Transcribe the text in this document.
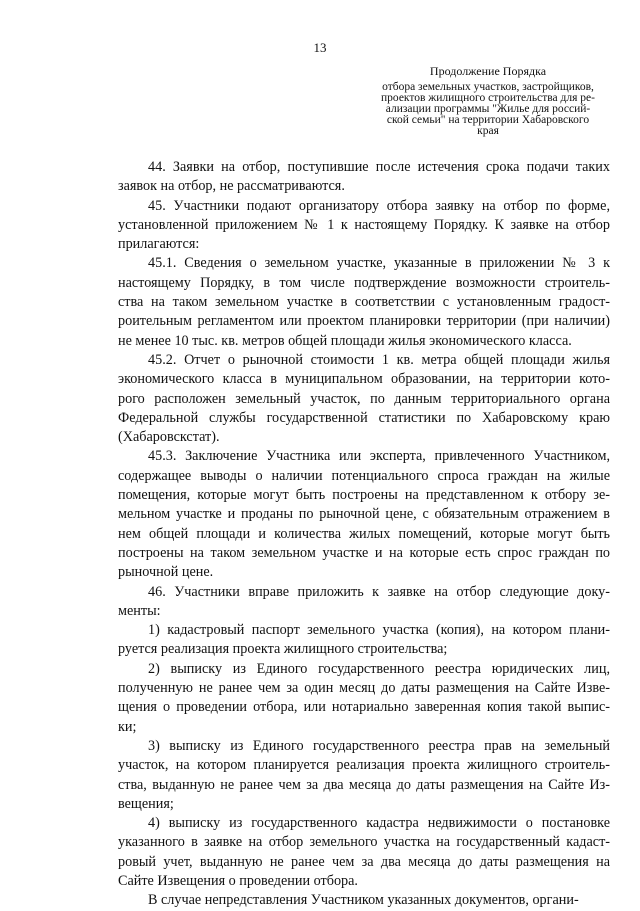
13
Продолжение Порядка
отбора земельных участков, застройщиков,
проектов жилищного строительства для ре-
ализации программы "Жилье для россий-
ской семьи" на территории Хабаровского
края

44. Заявки на отбор, поступившие после истечения срока подачи таких
заявок на отбор, не рассматриваются.

45. Участники подают организатору отбора заявку на отбор по форме,
установленной приложением № 1 к настоящему Порядку. К заявке на отбор
прилагаются:

45.1. Сведения о земельном участке, указанные в приложении № 3 к
настоящему Порядку, в том числе подтверждение возможности строитель-
ства на таком земельном участке в соответствии с установленным градост-
роительным регламентом или проектом планировки территории (при наличии)
не менее 10 тыс. кв. метров общей площади жилья экономического класса.

45.2. Отчет о рыночной стоимости 1 кв. метра общей площади жилья
экономического класса в муниципальном образовании, на территории кото-
рого расположен земельный участок, по данным территориального органа
Федеральной службы государственной статистики по Хабаровскому краю
(Хабаровскстат).

45.3. Заключение Участника или эксперта, привлеченного Участником,
содержащее выводы о наличии потенциального спроса граждан на жилые
помещения, которые могут быть построены на представленном к отбору зе-
мельном участке и проданы по рыночной цене, с обязательным отражением в
нем общей площади и количества жилых помещений, которые могут быть
построены на таком земельном участке и на которые есть спрос граждан по
рыночной цене.

46. Участники вправе приложить к заявке на отбор следующие доку-
менты:

1) кадастровый паспорт земельного участка (копия), на котором плани-
руется реализация проекта жилищного строительства;

2) выписку из Единого государственного реестра юридических лиц,
полученную не ранее чем за один месяц до даты размещения на Сайте Изве-
щения о проведении отбора, или нотариально заверенная копия такой выпис-
ки;

3) выписку из Единого государственного реестра прав на земельный
участок, на котором планируется реализация проекта жилищного строитель-
ства, выданную не ранее чем за два месяца до даты размещения на Сайте Из-
вещения;

4) выписку из государственного кадастра недвижимости о постановке
указанного в заявке на отбор земельного участка на государственный кадаст-
ровый учет, выданную не ранее чем за два месяца до даты размещения на
Сайте Извещения о проведении отбора.

В случае непредставления Участником указанных документов, органи-
